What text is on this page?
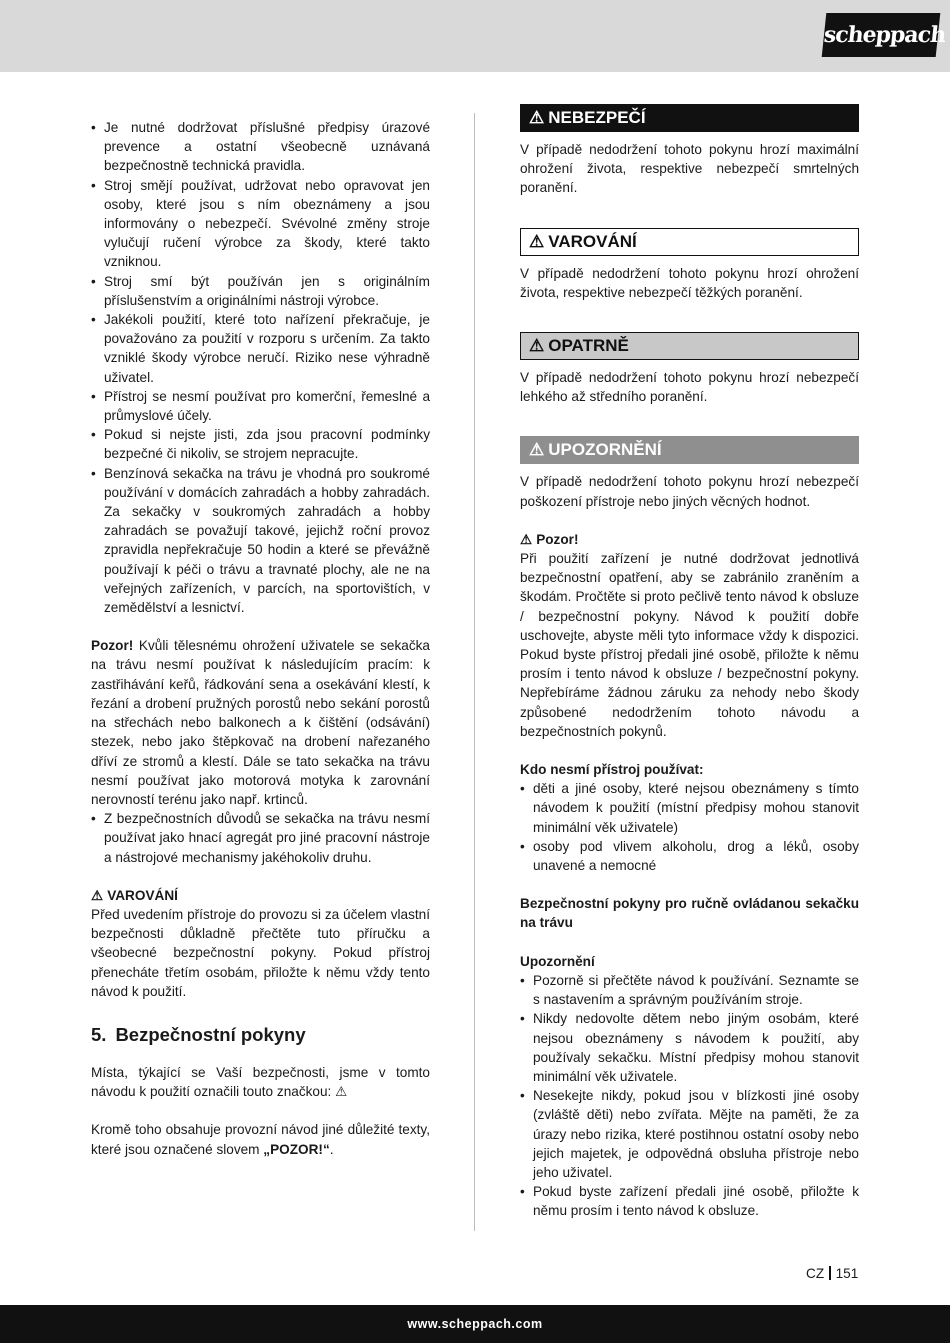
scheppach
• Je nutné dodržovat příslušné předpisy úrazové prevence a ostatní všeobecně uznávaná bezpečnostně technická pravidla.
• Stroj smějí používat, udržovat nebo opravovat jen osoby, které jsou s ním obeznámeny a jsou informovány o nebezpečí. Svévolné změny stroje vylučují ručení výrobce za škody, které takto vzniknou.
• Stroj smí být používán jen s originálním příslušenstvím a originálními nástroji výrobce.
• Jakékoli použití, které toto nařízení překračuje, je považováno za použití v rozporu s určením. Za takto vzniklé škody výrobce neručí. Riziko nese výhradně uživatel.
• Přístroj se nesmí používat pro komerční, řemeslné a průmyslové účely.
• Pokud si nejste jisti, zda jsou pracovní podmínky bezpečné či nikoliv, se strojem nepracujte.
• Benzínová sekačka na trávu je vhodná pro soukromé používání v domácích zahradách a hobby zahradách. Za sekačky v soukromých zahradách a hobby zahradách se považují takové, jejichž roční provoz zpravidla nepřekračuje 50 hodin a které se převážně používají k péči o trávu a travnaté plochy, ale ne na veřejných zařízeních, v parcích, na sportovištích, v zemědělství a lesnictví.

Pozor! Kvůli tělesnému ohrožení uživatele se sekačka na trávu nesmí používat k následujícím pracím: k zastřihávání keřů, řádkování sena a osekávání klestí, k řezání a drobení pružných porostů nebo sekání porostů na střechách nebo balkonech a k čištění (odsávání) stezek, nebo jako štěpkovač na drobení nařezaného dříví ze stromů a klestí. Dále se tato sekačka na trávu nesmí používat jako motorová motyka k zarovnání nerovností terénu jako např. krtinců.

• Z bezpečnostních důvodů se sekačka na trávu nesmí používat jako hnací agregát pro jiné pracovní nástroje a nástrojové mechanismy jakéhokoliv druhu.
⚠ VAROVÁNÍ

Před uvedením přístroje do provozu si za účelem vlastní bezpečnosti důkladně přečtěte tuto příručku a všeobecné bezpečnostní pokyny. Pokud přístroj přenecháte třetím osobám, přiložte k němu vždy tento návod k použití.

5. Bezpečnostní pokyny

Místa, týkající se Vaší bezpečnosti, jsme v tomto návodu k použití označili touto značkou: ⚠

Kromě toho obsahuje provozní návod jiné důležité texty, které jsou označené slovem „POZOR!“.

⚠ NEBEZPEČÍ

V případě nedodržení tohoto pokynu hrozí maximální ohrožení života, respektive nebezpečí smrtelných poranění.

⚠ VAROVÁNÍ

V případě nedodržení tohoto pokynu hrozí ohrožení života, respektive nebezpečí těžkých poranění.

⚠ OPATRNĚ

V případě nedodržení tohoto pokynu hrozí nebezpečí lehkého až středního poranění.

⚠ UPOZORNĚNÍ

V případě nedodržení tohoto pokynu hrozí nebezpečí poškození přístroje nebo jiných věcných hodnot.

⚠ Pozor!

Při použití zařízení je nutné dodržovat jednotlivá bezpečnostní opatření, aby se zabránilo zraněním a škodám. Pročtěte si proto pečlivě tento návod k obsluze / bezpečnostní pokyny. Návod k použití dobře uschovejte, abyste měli tyto informace vždy k dispozici. Pokud byste přístroj předali jiné osobě, přiložte k němu prosím i tento návod k obsluze / bezpečnostní pokyny. Nepřebíráme žádnou záruku za nehody nebo škody způsobené nedodržením tohoto návodu a bezpečnostních pokynů.

Kdo nesmí přístroj používat:
• děti a jiné osoby, které nejsou obeznámeny s tímto návodem k použití (místní předpisy mohou stanovit minimální věk uživatele)
• osoby pod vlivem alkoholu, drog a léků, osoby unavené a nemocné

Bezpečnostní pokyny pro ručně ovládanou sekačku na trávu

Upozornění
• Pozorně si přečtěte návod k používání. Seznamte se s nastavením a správným používáním stroje.
• Nikdy nedovolte dětem nebo jiným osobám, které nejsou obeznámeny s návodem k použití, aby používaly sekačku. Místní předpisy mohou stanovit minimální věk uživatele.
• Nesekejte nikdy, pokud jsou v blízkosti jiné osoby (zvláště děti) nebo zvířata. Mějte na paměti, že za úrazy nebo rizika, které postihnou ostatní osoby nebo jejich majetek, je odpovědná obsluha přístroje nebo jeho uživatel.
• Pokud byste zařízení předali jiné osobě, přiložte k němu prosím i tento návod k obsluze.
CZ 151
www.scheppach.com
